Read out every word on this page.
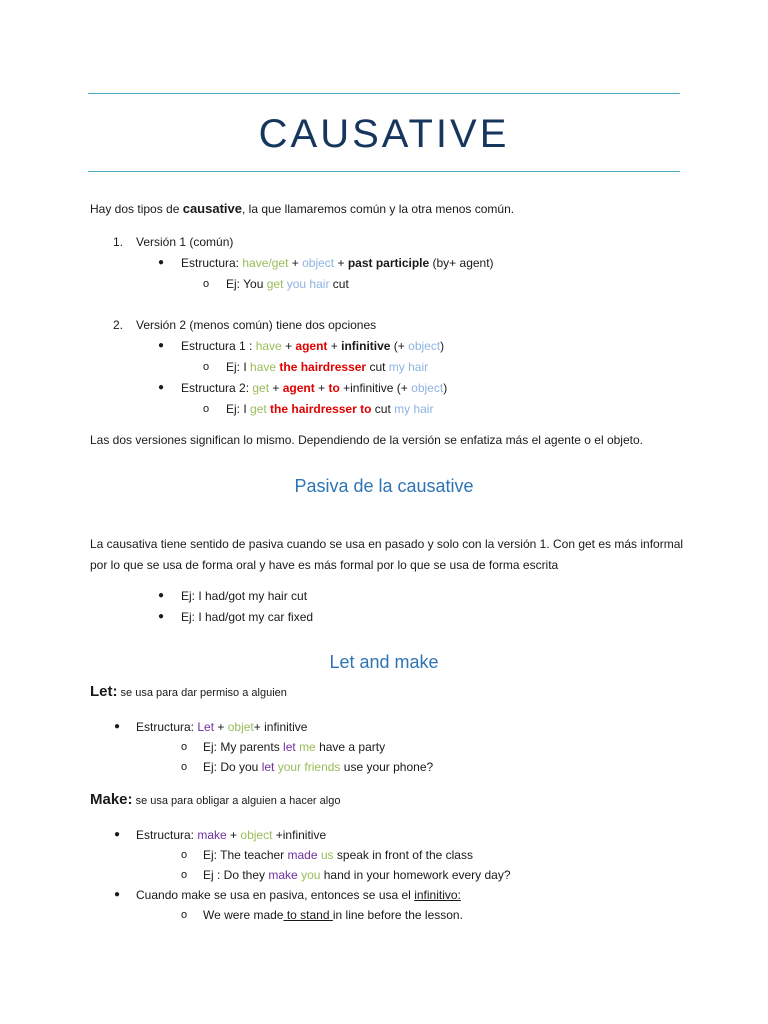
CAUSATIVE
Hay dos tipos de causative, la que llamaremos común y la otra menos común.
1. Versión 1 (común)
● Estructura: have/get + object + past participle (by+ agent)
o Ej: You get you hair cut
2. Versión 2 (menos común) tiene dos opciones
● Estructura 1 : have + agent + infinitive (+ object)
o Ej: I have the hairdresser cut my hair
● Estructura 2: get + agent + to +infinitive (+ object)
o Ej: I get the hairdresser to cut my hair
Las dos versiones significan lo mismo. Dependiendo de la versión se enfatiza más el agente o el objeto.
Pasiva de la causative
La causativa tiene sentido de pasiva cuando se usa en pasado y solo con la versión 1. Con get es más informal
por lo que se usa de forma oral y have es más formal por lo que se usa de forma escrita
● Ej: I had/got my hair cut
● Ej: I had/got my car fixed
Let and make
Let: se usa para dar permiso a alguien
● Estructura: Let + objet+ infinitive
o Ej: My parents let me have a party
o Ej: Do you let your friends use your phone?
Make: se usa para obligar a alguien a hacer algo
● Estructura: make + object +infinitive
o Ej: The teacher made us speak in front of the class
o Ej : Do they make you hand in your homework every day?
● Cuando make se usa en pasiva, entonces se usa el infinitivo:
o We were made to stand in line before the lesson.
